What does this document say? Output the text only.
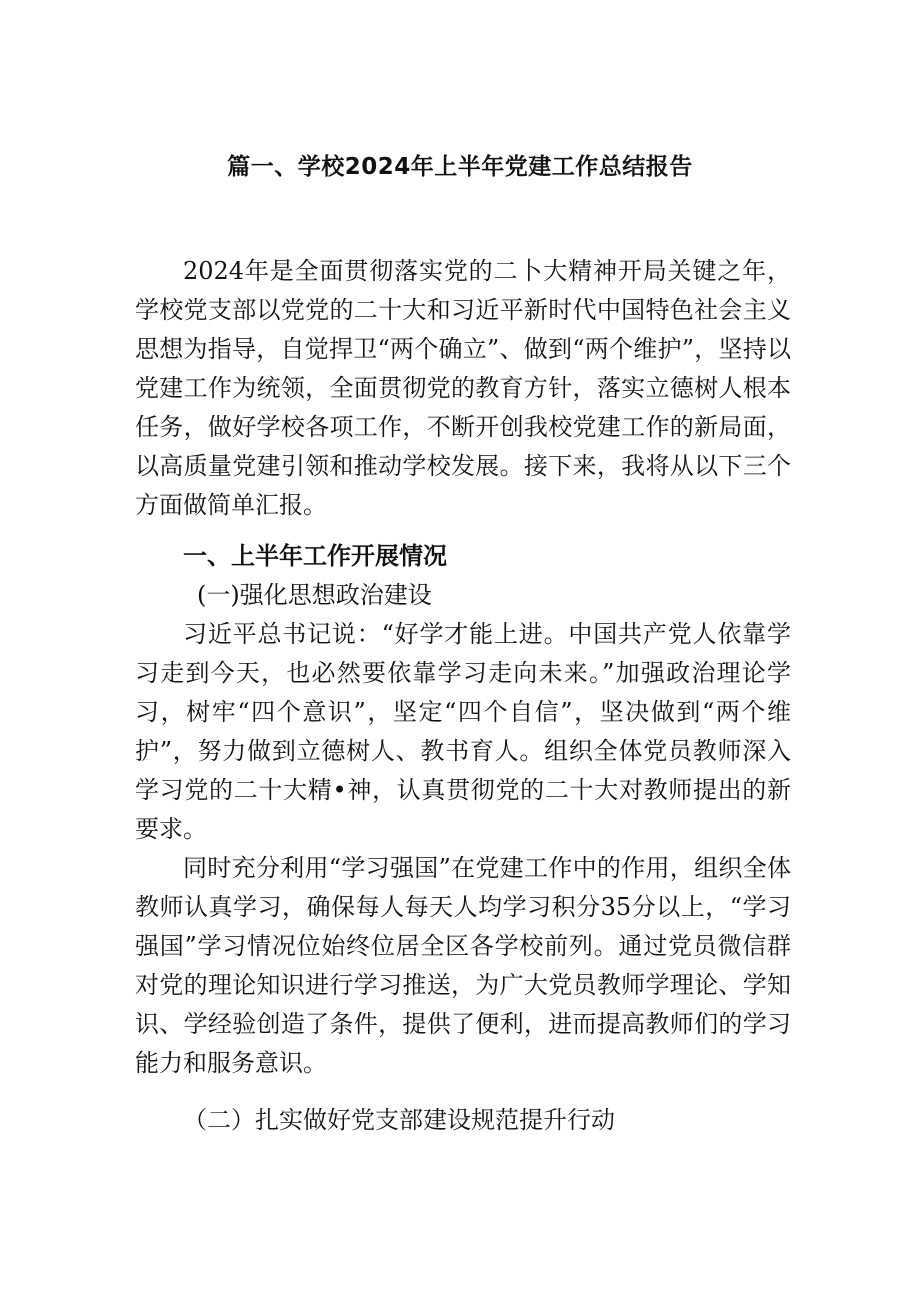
篇一、学校2024年上半年党建工作总结报告

2024年是全面贯彻落实党的二卜大精神开局关键之年，学校党支部以党党的二十大和习近平新时代中国特色社会主义思想为指导，自觉捍卫“两个确立”、做到“两个维护”，坚持以党建工作为统领，全面贯彻党的教育方针，落实立德树人根本任务，做好学校各项工作，不断开创我校党建工作的新局面，以高质量党建引领和推动学校发展。接下来，我将从以下三个方面做简单汇报。

一、上半年工作开展情况

(一)强化思想政治建设

习近平总书记说：“好学才能上进。中国共产党人依靠学习走到今天，也必然要依靠学习走向未来。”加强政治理论学习，树牢“四个意识”，坚定“四个自信”，坚决做到“两个维护”，努力做到立德树人、教书育人。组织全体党员教师深入学习党的二十大精•神，认真贯彻党的二十大对教师提出的新要求。

同时充分利用“学习强国”在党建工作中的作用，组织全体教师认真学习，确保每人每天人均学习积分35分以上，“学习强国”学习情况位始终位居全区各学校前列。通过党员微信群对党的理论知识进行学习推送，为广大党员教师学理论、学知识、学经验创造了条件，提供了便利，进而提高教师们的学习能力和服务意识。

（二）扎实做好党支部建设规范提升行动
